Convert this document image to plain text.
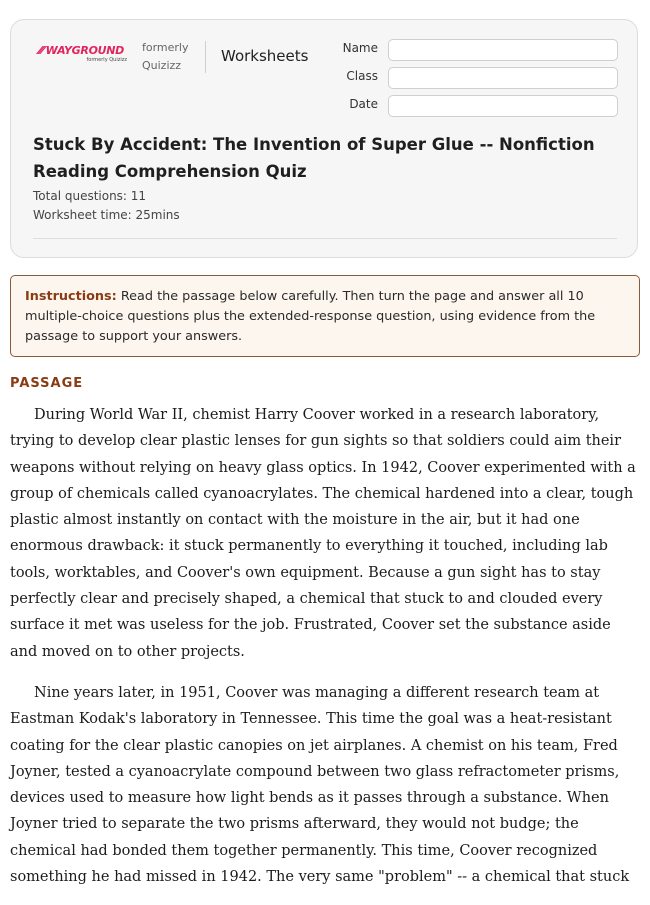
⁄⁄⁄ WAYGROUND
formerly Quizizz
formerly Quizizz
Worksheets	Name
Class
Date
Stuck By Accident: The Invention of Super Glue -- Nonfiction Reading Comprehension Quiz
Total questions: 11
Worksheet time: 25mins
Instructions: Read the passage below carefully. Then turn the page and answer all 10 multiple-choice questions plus the extended-response question, using evidence from the passage to support your answers.
PASSAGE

During World War II, chemist Harry Coover worked in a research laboratory, trying to develop clear plastic lenses for gun sights so that soldiers could aim their weapons without relying on heavy glass optics. In 1942, Coover experimented with a group of chemicals called cyanoacrylates. The chemical hardened into a clear, tough plastic almost instantly on contact with the moisture in the air, but it had one enormous drawback: it stuck permanently to everything it touched, including lab tools, worktables, and Coover's own equipment. Because a gun sight has to stay perfectly clear and precisely shaped, a chemical that stuck to and clouded every surface it met was useless for the job. Frustrated, Coover set the substance aside and moved on to other projects.

Nine years later, in 1951, Coover was managing a different research team at Eastman Kodak's laboratory in Tennessee. This time the goal was a heat-resistant coating for the clear plastic canopies on jet airplanes. A chemist on his team, Fred Joyner, tested a cyanoacrylate compound between two glass refractometer prisms, devices used to measure how light bends as it passes through a substance. When Joyner tried to separate the two prisms afterward, they would not budge; the chemical had bonded them together permanently. This time, Coover recognized something he had missed in 1942. The very same "problem" -- a chemical that stuck
